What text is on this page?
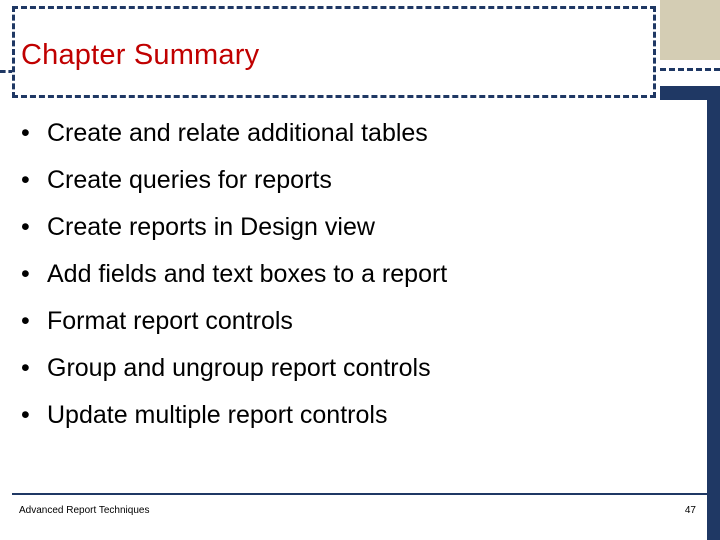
Chapter Summary
• Create and relate additional tables
• Create queries for reports
• Create reports in Design view
• Add fields and text boxes to a report
• Format report controls
• Group and ungroup report controls
• Update multiple report controls
Advanced Report Techniques	47
